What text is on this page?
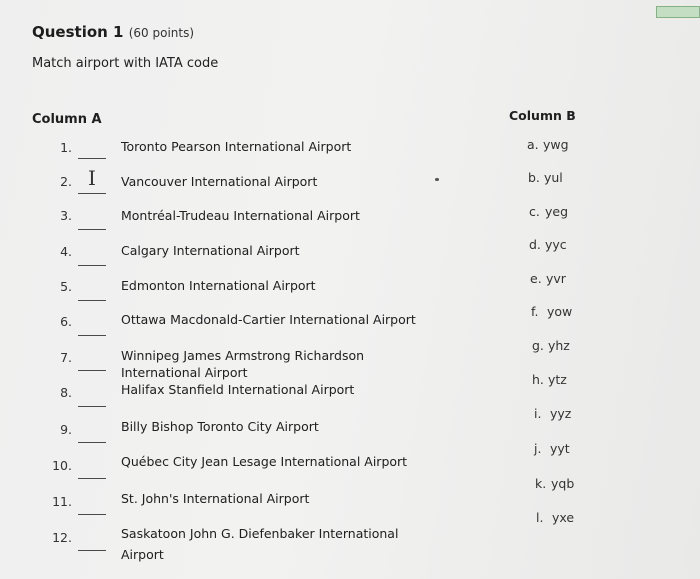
Question 1 (60 points)
Match airport with IATA code
Column A	Column B
1.	Toronto Pearson International Airport
2.	Vancouver International Airport
3.	Montréal-Trudeau International Airport
4.	Calgary International Airport
5.	Edmonton International Airport
6.	Ottawa Macdonald-Cartier International Airport
7.	Winnipeg James Armstrong Richardson
International Airport
8.	Halifax Stanfield International Airport
9.	Billy Bishop Toronto City Airport
10.	Québec City Jean Lesage International Airport
11.	St. John's International Airport
12.	Saskatoon John G. Diefenbaker International
Airport
a. ywg
b. yul
c. yeg
d. yyc
e. yvr
f. yow
g. yhz
h. ytz
i. yyz
j. yyt
k. yqb
l. yxe
I
